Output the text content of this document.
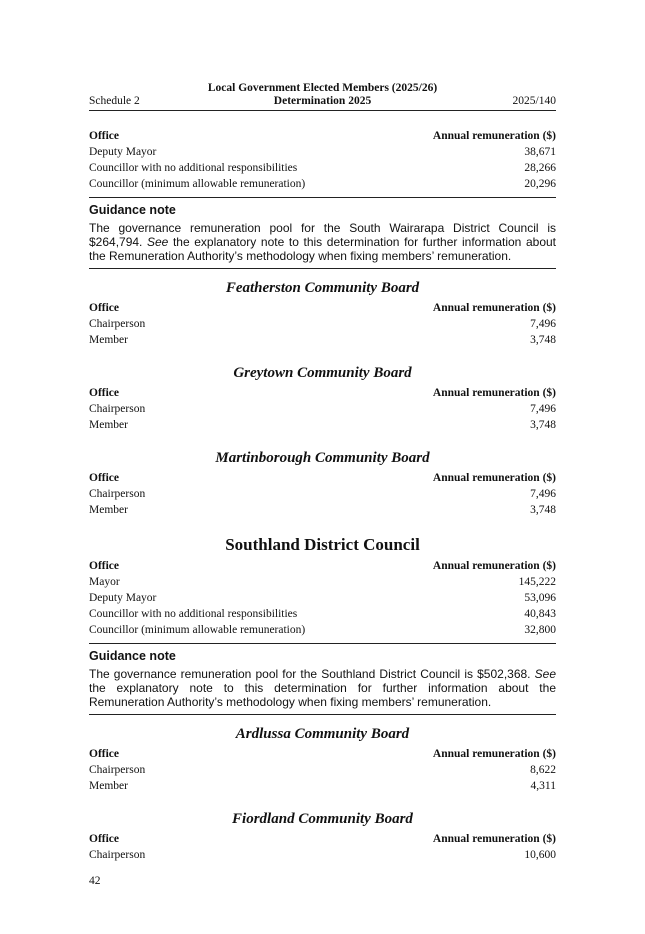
Local Government Elected Members (2025/26)
Determination 2025
Schedule 2	2025/140
Office	Annual remuneration ($)
Deputy Mayor	38,671
Councillor with no additional responsibilities	28,266
Councillor (minimum allowable remuneration)	20,296

Guidance note

The governance remuneration pool for the South Wairarapa District Council is $264,794. See the explanatory note to this determination for further information about the Remuneration Authority’s methodology when fixing members’ remuneration.

Featherston Community Board
Office	Annual remuneration ($)
Chairperson	7,496
Member	3,748
Greytown Community Board
Office	Annual remuneration ($)
Chairperson	7,496
Member	3,748
Martinborough Community Board
Office	Annual remuneration ($)
Chairperson	7,496
Member	3,748
Southland District Council
Office	Annual remuneration ($)
Mayor	145,222
Deputy Mayor	53,096
Councillor with no additional responsibilities	40,843
Councillor (minimum allowable remuneration)	32,800

Guidance note

The governance remuneration pool for the Southland District Council is $502,368. See the explanatory note to this determination for further information about the Remuneration Authority’s methodology when fixing members’ remuneration.

Ardlussa Community Board
Office	Annual remuneration ($)
Chairperson	8,622
Member	4,311
Fiordland Community Board
Office	Annual remuneration ($)
Chairperson	10,600
42
